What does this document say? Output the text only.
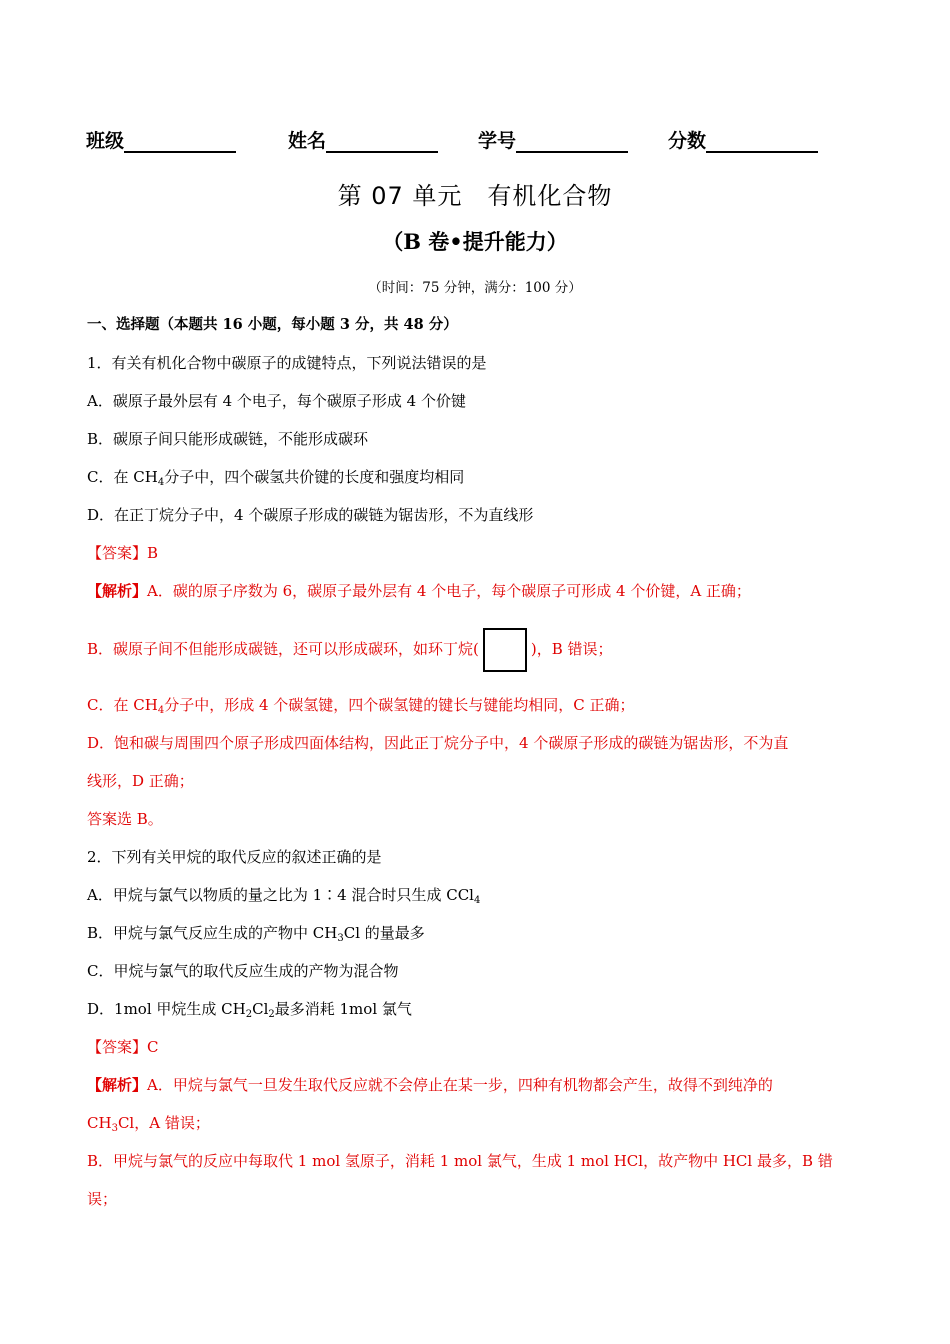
班级	姓名	学号	分数
第 07 单元　有机化合物
（B 卷•提升能力）
（时间：75 分钟，满分：100 分）
一、选择题（本题共 16 小题，每小题 3 分，共 48 分）
1．有关有机化合物中碳原子的成键特点，下列说法错误的是
A．碳原子最外层有 4 个电子，每个碳原子形成 4 个价键
B．碳原子间只能形成碳链，不能形成碳环
C．在 $CH_4$分子中，四个碳氢共价键的长度和强度均相同
D．在正丁烷分子中，4 个碳原子形成的碳链为锯齿形，不为直线形
【答案】B
【解析】A．碳的原子序数为 6，碳原子最外层有 4 个电子，每个碳原子可形成 4 个价键，A 正确；
B．碳原子间不但能形成碳链，还可以形成碳环，如环丁烷(	)，B 错误；
C．在 $CH_4$分子中，形成 4 个碳氢键，四个碳氢键的键长与键能均相同，C 正确；
D．饱和碳与周围四个原子形成四面体结构，因此正丁烷分子中，4 个碳原子形成的碳链为锯齿形，不为直
线形，D 正确；
答案选 B。
2．下列有关甲烷的取代反应的叙述正确的是
A．甲烷与氯气以物质的量之比为 1∶4 混合时只生成 CCl$_4$
B．甲烷与氯气反应生成的产物中 $CH_3Cl$ 的量最多
C．甲烷与氯气的取代反应生成的产物为混合物
D．1mol 甲烷生成 $CH_2Cl_2$最多消耗 1mol 氯气
【答案】C
【解析】A．甲烷与氯气一旦发生取代反应就不会停止在某一步，四种有机物都会产生，故得不到纯净的
$CH_3Cl$，A 错误；
B．甲烷与氯气的反应中每取代 1 mol 氢原子，消耗 1 mol 氯气，生成 1 mol HCl，故产物中 HCl 最多，B 错
误；
